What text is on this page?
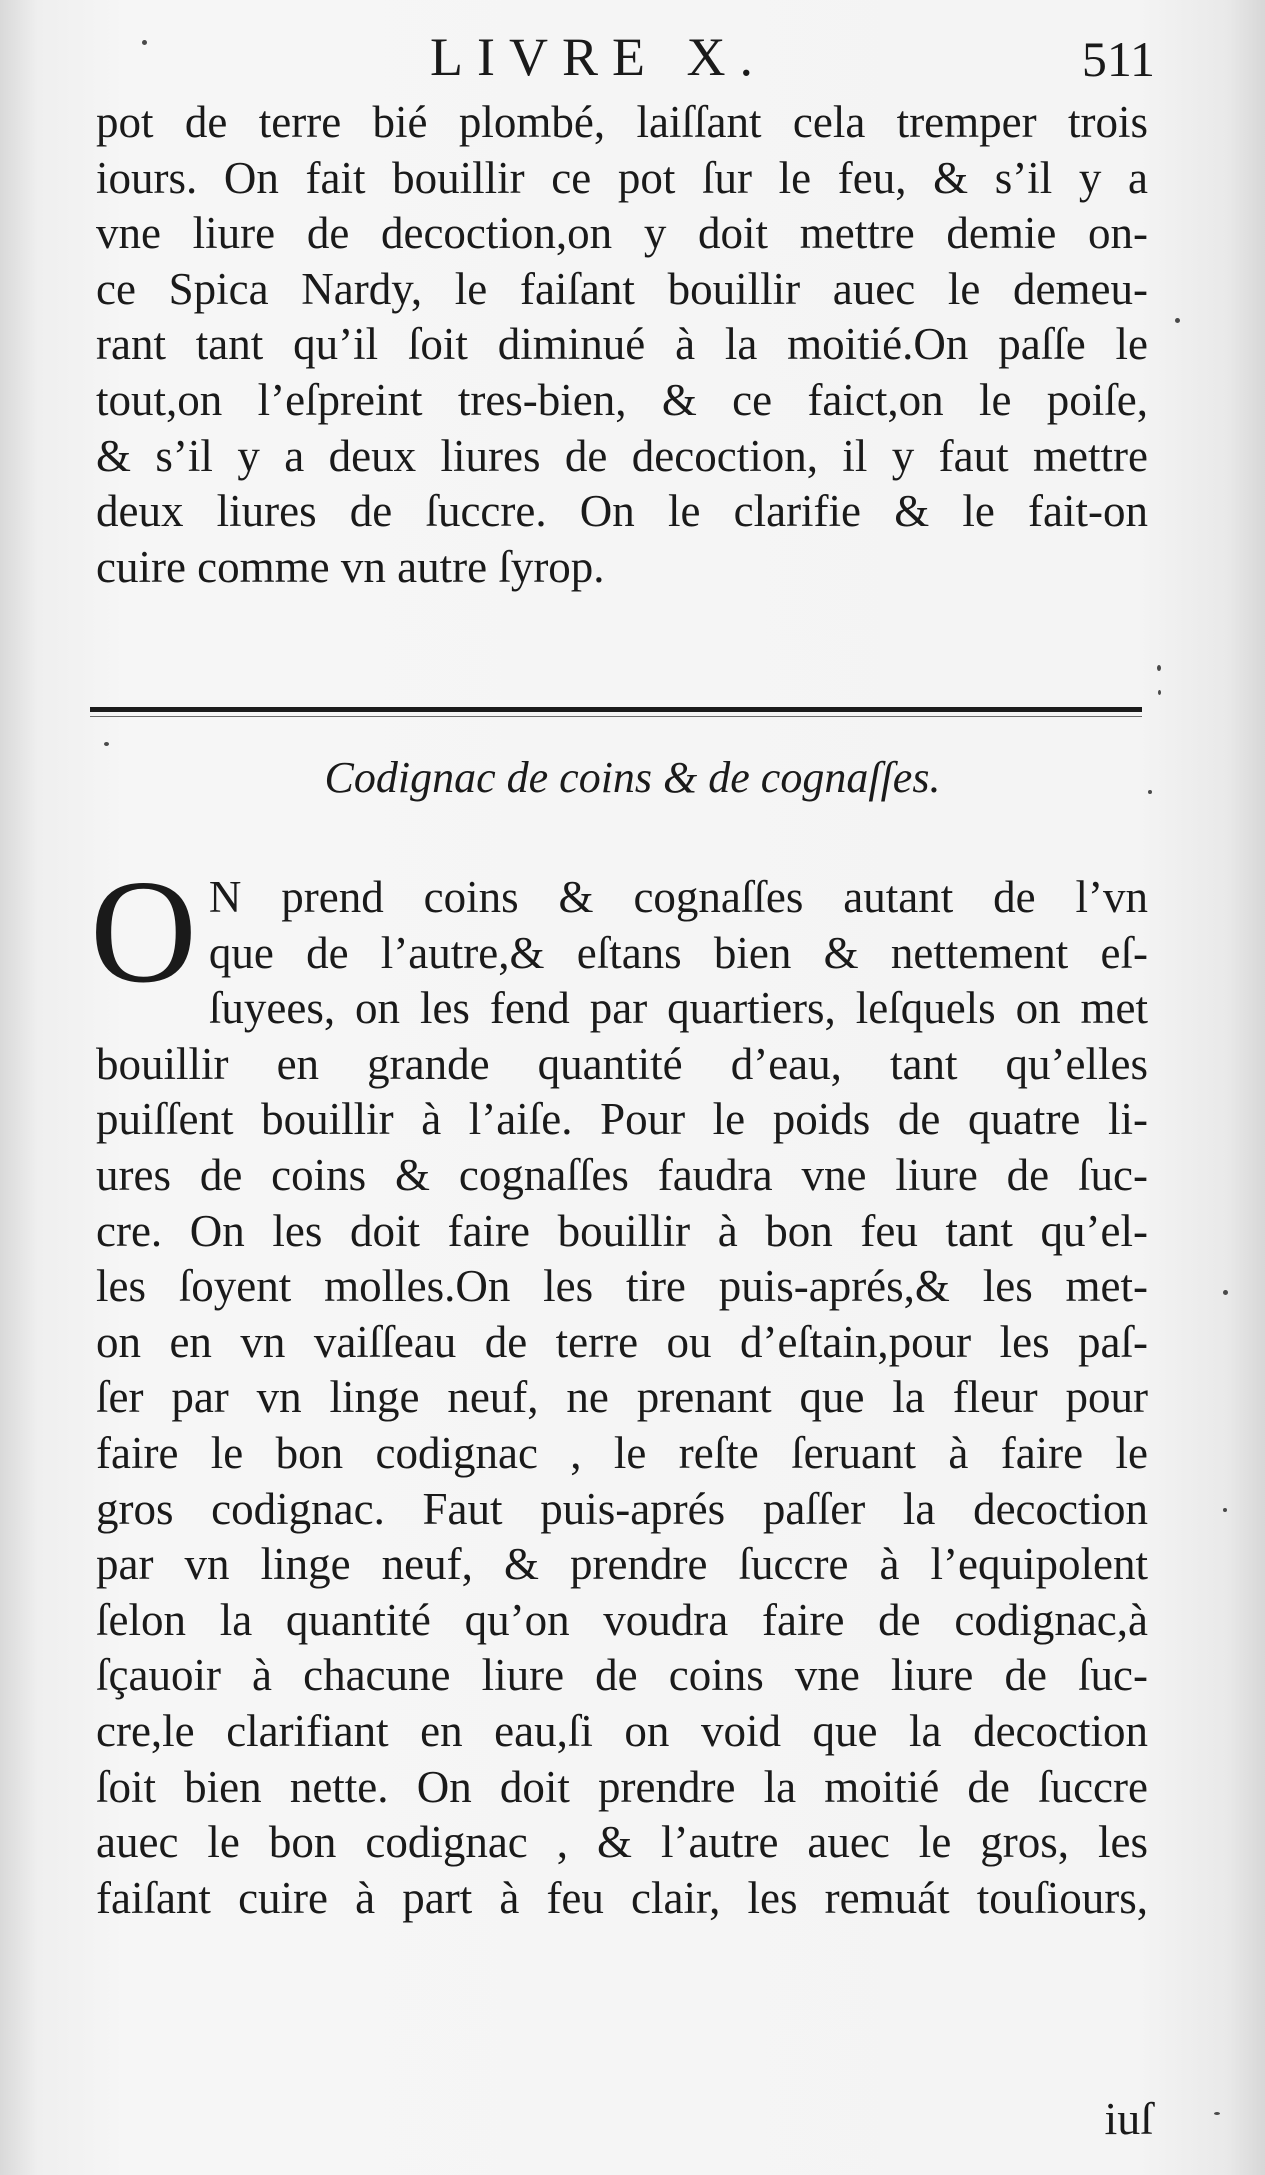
LIVRE X.	511
pot de terre bié plombé, laiſſant cela tremper trois
iours. On fait bouillir ce pot ſur le feu, & s’il y a
vne liure de decoction,on y doit mettre demie on-
ce Spica Nardy, le faiſant bouillir auec le demeu-
rant tant qu’il ſoit diminué à la moitié.On paſſe le
tout,on l’eſpreint tres-bien, & ce faict,on le poiſe,
& s’il y a deux liures de decoction, il y faut mettre
deux liures de ſuccre. On le clarifie & le fait-on
cuire comme vn autre ſyrop.
Codignac de coins & de cognaſſes.
O N prend coins & cognaſſes autant de l’vn
que de l’autre,& eſtans bien & nettement eſ-
ſuyees, on les fend par quartiers, leſquels on met
bouillir en grande quantité d’eau, tant qu’elles
puiſſent bouillir à l’aiſe. Pour le poids de quatre li-
ures de coins & cognaſſes faudra vne liure de ſuc-
cre. On les doit faire bouillir à bon feu tant qu’el-
les ſoyent molles.On les tire puis-aprés,& les met-
on en vn vaiſſeau de terre ou d’eſtain,pour les paſ-
ſer par vn linge neuf, ne prenant que la fleur pour
faire le bon codignac , le reſte ſeruant à faire le
gros codignac. Faut puis-aprés paſſer la decoction
par vn linge neuf, & prendre ſuccre à l’equipolent
ſelon la quantité qu’on voudra faire de codignac,à
ſçauoir à chacune liure de coins vne liure de ſuc-
cre,le clarifiant en eau,ſi on void que la decoction
ſoit bien nette. On doit prendre la moitié de ſuccre
auec le bon codignac , & l’autre auec le gros, les
faiſant cuire à part à feu clair, les remuát touſiours,
iuſ
